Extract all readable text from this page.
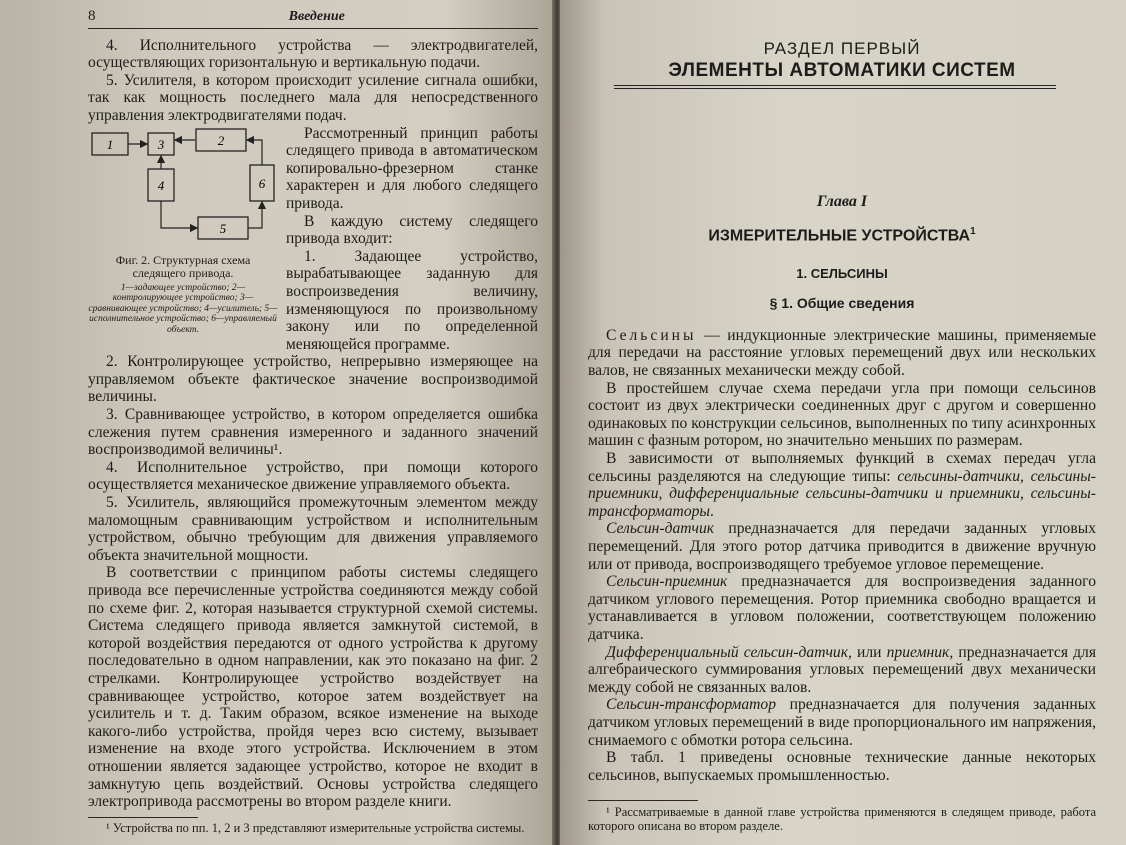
8	Введение

4. Исполнительного устройства — электродвигателей, осуществляющих горизонтальную и вертикальную подачи.

5. Усилителя, в котором происходит усиление сигнала ошибки, так как мощность последнего мала для непосредственного управления электродвигателями подач.

1	3	2
4	6
5
Фиг. 2. Структурная схема следящего привода.
1—задающее устройство; 2—контролирующее устройство; 3—сравнивающее устройство; 4—усилитель; 5—исполнительное устройство; 6—управляемый объект.

Рассмотренный принцип работы следящего привода в автоматическом копировально-фрезерном станке характерен и для любого следящего привода.

В каждую систему следящего привода входит:

1. Задающее устройство, вырабатывающее заданную для воспроизведения величину, изменяющуюся по произвольному закону или по определенной меняющейся программе.

2. Контролирующее устройство, непрерывно измеряющее на управляемом объекте фактическое значение воспроизводимой величины.

3. Сравнивающее устройство, в котором определяется ошибка слежения путем сравнения измеренного и заданного значений воспроизводимой величины¹.

4. Исполнительное устройство, при помощи которого осуществляется механическое движение управляемого объекта.

5. Усилитель, являющийся промежуточным элементом между маломощным сравнивающим устройством и исполнительным устройством, обычно требующим для движения управляемого объекта значительной мощности.

В соответствии с принципом работы системы следящего привода все перечисленные устройства соединяются между собой по схеме фиг. 2, которая называется структурной схемой системы. Система следящего привода является замкнутой системой, в которой воздействия передаются от одного устройства к другому последовательно в одном направлении, как это показано на фиг. 2 стрелками. Контролирующее устройство воздействует на сравнивающее устройство, которое затем воздействует на усилитель и т. д. Таким образом, всякое изменение на выходе какого-либо устройства, пройдя через всю систему, вызывает изменение на входе этого устройства. Исключением в этом отношении является задающее устройство, которое не входит в замкнутую цепь воздействий. Основы устройства следящего электропривода рассмотрены во втором разделе книги.

¹ Устройства по пп. 1, 2 и 3 представляют измерительные устройства системы.

РАЗДЕЛ ПЕРВЫЙ
ЭЛЕМЕНТЫ АВТОМАТИКИ СИСТЕМ
Глава I
ИЗМЕРИТЕЛЬНЫЕ УСТРОЙСТВА$^1$
1. СЕЛЬСИНЫ
§ 1. Общие сведения

Сельсины — индукционные электрические машины, применяемые для передачи на расстояние угловых перемещений двух или нескольких валов, не связанных механически между собой.

В простейшем случае схема передачи угла при помощи сельсинов состоит из двух электрически соединенных друг с другом и совершенно одинаковых по конструкции сельсинов, выполненных по типу асинхронных машин с фазным ротором, но значительно меньших по размерам.

В зависимости от выполняемых функций в схемах передач угла сельсины разделяются на следующие типы: сельсины-датчики, сельсины-приемники, дифференциальные сельсины-датчики и приемники, сельсины-трансформаторы.

Сельсин-датчик предназначается для передачи заданных угловых перемещений. Для этого ротор датчика приводится в движение вручную или от привода, воспроизводящего требуемое угловое перемещение.

Сельсин-приемник предназначается для воспроизведения заданного датчиком углового перемещения. Ротор приемника свободно вращается и устанавливается в угловом положении, соответствующем положению датчика.

Дифференциальный сельсин-датчик, или приемник, предназначается для алгебраического суммирования угловых перемещений двух механически между собой не связанных валов.

Сельсин-трансформатор предназначается для получения заданных датчиком угловых перемещений в виде пропорционального им напряжения, снимаемого с обмотки ротора сельсина.

В табл. 1 приведены основные технические данные некоторых сельсинов, выпускаемых промышленностью.

¹ Рассматриваемые в данной главе устройства применяются в следящем приводе, работа которого описана во втором разделе.
